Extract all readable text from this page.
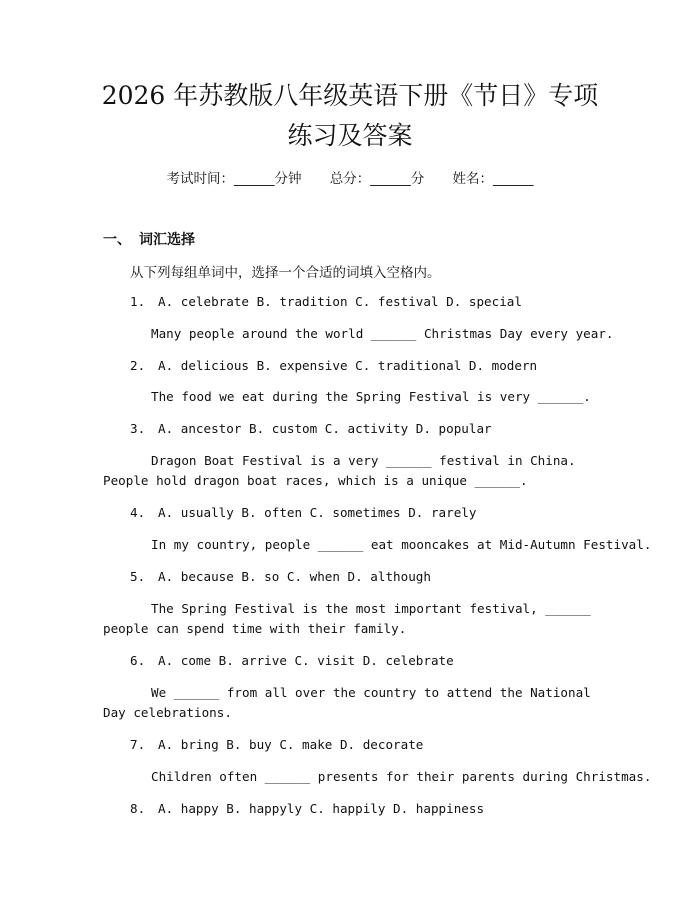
2026 年苏教版八年级英语下册《节日》专项
练习及答案
考试时间：______分钟 总分：______分 姓名：______
一、 词汇选择
从下列每组单词中，选择一个合适的词填入空格内。
1. A. celebrate B. tradition C. festival D. special
Many people around the world ______ Christmas Day every year.
2. A. delicious B. expensive C. traditional D. modern
The food we eat during the Spring Festival is very ______.
3. A. ancestor B. custom C. activity D. popular
Dragon Boat Festival is a very ______ festival in China. People hold dragon boat races, which is a unique ______.
4. A. usually B. often C. sometimes D. rarely
In my country, people ______ eat mooncakes at Mid-Autumn Festival.
5. A. because B. so C. when D. although
The Spring Festival is the most important festival, ______ people can spend time with their family.
6. A. come B. arrive C. visit D. celebrate
We ______ from all over the country to attend the National Day celebrations.
7. A. bring B. buy C. make D. decorate
Children often ______ presents for their parents during Christmas.
8. A. happy B. happyly C. happily D. happiness
